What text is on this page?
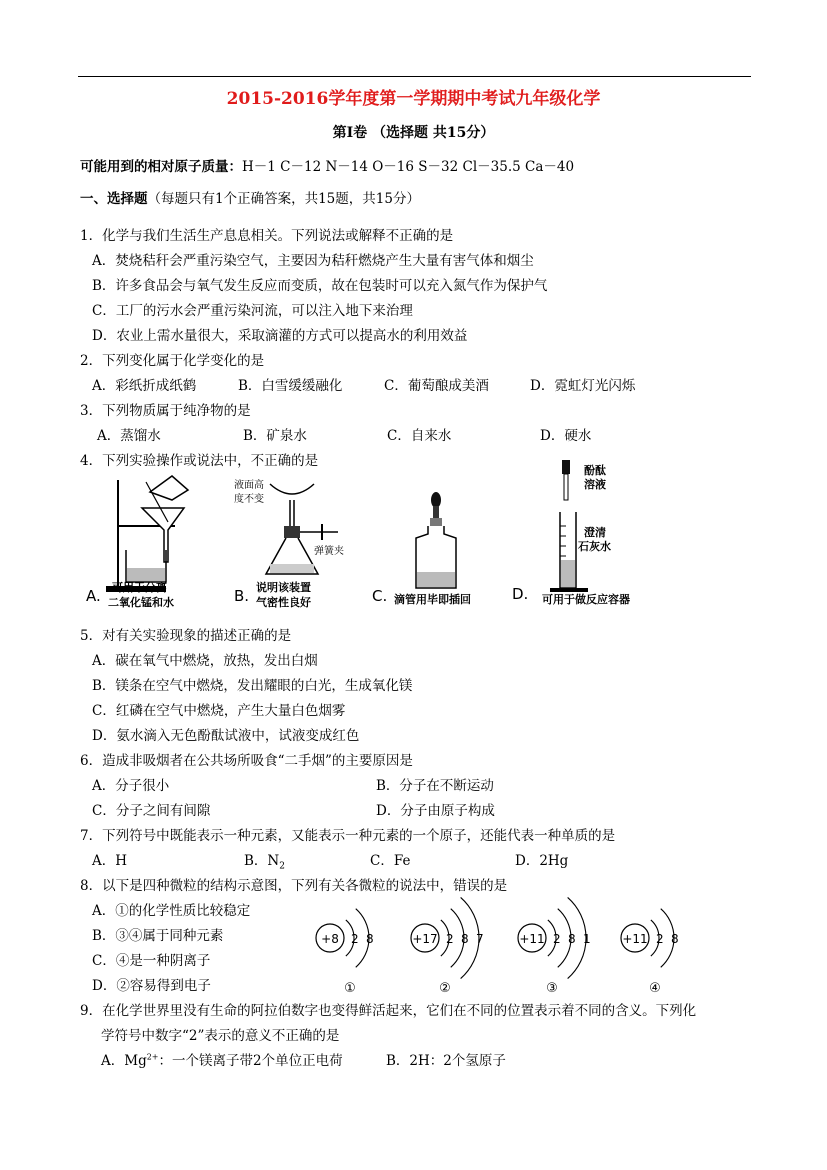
2015-2016学年度第一学期期中考试九年级化学
第Ⅰ卷 （选择题 共15分）
可能用到的相对原子质量：H－1 C－12 N－14 O－16 S－32 Cl－35.5 Ca－40
一、选择题（每题只有1个正确答案，共15题，共15分）
1．化学与我们生活生产息息相关。下列说法或解释不正确的是
A．焚烧秸秆会严重污染空气，主要因为秸秆燃烧产生大量有害气体和烟尘
B．许多食品会与氧气发生反应而变质，故在包装时可以充入氮气作为保护气
C．工厂的污水会严重污染河流，可以注入地下来治理
D．农业上需水量很大，采取滴灌的方式可以提高水的利用效益
2．下列变化属于化学变化的是
A．彩纸折成纸鹤	B．白雪缓缓融化	C．葡萄酿成美酒	D．霓虹灯光闪烁
3．下列物质属于纯净物的是
A．蒸馏水	B．矿泉水	C．自来水	D．硬水
4．下列实验操作或说法中，不正确的是
A. 可用于分离
二氧化锰和水
液面高
度不变
弹簧夹
B. 说明该装置
气密性良好	C. 滴管用毕即插回
酚酞
溶液
澄清
石灰水
D. 可用于做反应容器
5．对有关实验现象的描述正确的是
A．碳在氧气中燃烧，放热，发出白烟
B．镁条在空气中燃烧，发出耀眼的白光，生成氧化镁
C．红磷在空气中燃烧，产生大量白色烟雾
D．氨水滴入无色酚酞试液中，试液变成红色
6．造成非吸烟者在公共场所吸食“二手烟”的主要原因是
A．分子很小	B．分子在不断运动
C．分子之间有间隙	D．分子由原子构成
7．下列符号中既能表示一种元素，又能表示一种元素的一个原子，还能代表一种单质的是
A．H	B．$N_2$	C．Fe	D．2Hg
8．以下是四种微粒的结构示意图，下列有关各微粒的说法中，错误的是
A．①的化学性质比较稳定
B．③④属于同种元素
C．④是一种阴离子
D．②容易得到电子
+8 2 8
①
+17 2 8 7
②
+11 2 8 1
③
+11 2 8
④
9．在化学世界里没有生命的阿拉伯数字也变得鲜活起来，它们在不同的位置表示着不同的含义。下列化
学符号中数字“2”表示的意义不正确的是
A．$Mg^{2+}$：一个镁离子带2个单位正电荷	B．2H：2个氢原子
